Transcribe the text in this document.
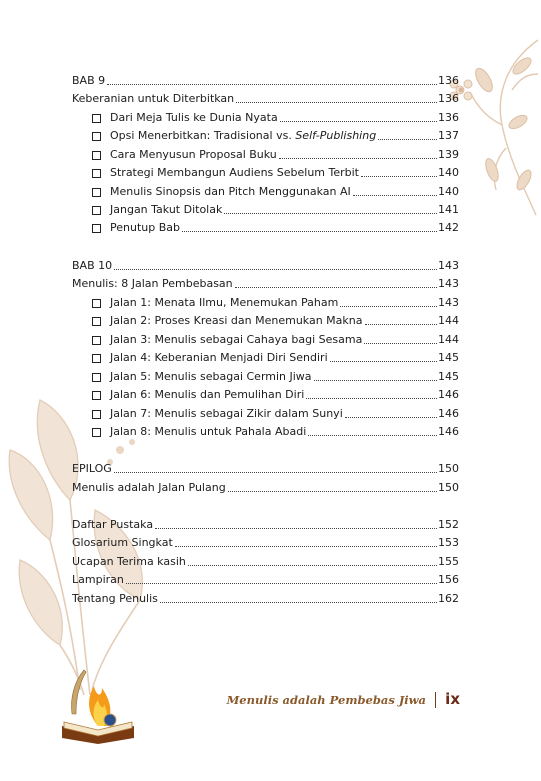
BAB 9	136
Keberanian untuk Diterbitkan	136
Dari Meja Tulis ke Dunia Nyata	136
Opsi Menerbitkan: Tradisional vs. Self-Publishing	137
Cara Menyusun Proposal Buku	139
Strategi Membangun Audiens Sebelum Terbit	140
Menulis Sinopsis dan Pitch Menggunakan AI	140
Jangan Takut Ditolak	141
Penutup Bab	142
BAB 10	143
Menulis: 8 Jalan Pembebasan	143
Jalan 1: Menata Ilmu, Menemukan Paham	143
Jalan 2: Proses Kreasi dan Menemukan Makna	144
Jalan 3: Menulis sebagai Cahaya bagi Sesama	144
Jalan 4: Keberanian Menjadi Diri Sendiri	145
Jalan 5: Menulis sebagai Cermin Jiwa	145
Jalan 6: Menulis dan Pemulihan Diri	146
Jalan 7: Menulis sebagai Zikir dalam Sunyi	146
Jalan 8: Menulis untuk Pahala Abadi	146
EPILOG	150
Menulis adalah Jalan Pulang	150
Daftar Pustaka	152
Glosarium Singkat	153
Ucapan Terima kasih	155
Lampiran	156
Tentang Penulis	162
Menulis adalah Pembebas Jiwa ix
